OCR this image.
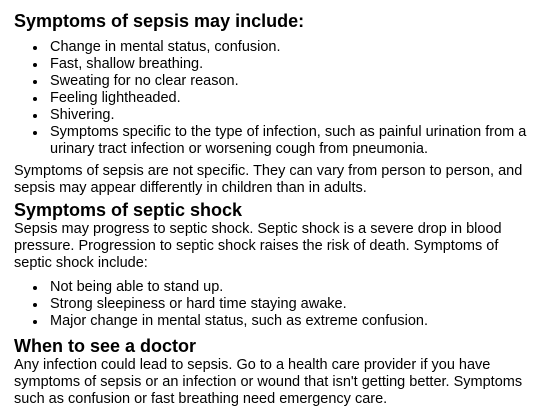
Symptoms of sepsis may include:
Change in mental status, confusion.
Fast, shallow breathing.
Sweating for no clear reason.
Feeling lightheaded.
Shivering.
Symptoms specific to the type of infection, such as painful urination from a urinary tract infection or worsening cough from pneumonia.

Symptoms of sepsis are not specific. They can vary from person to person, and sepsis may appear differently in children than in adults.

Symptoms of septic shock

Sepsis may progress to septic shock. Septic shock is a severe drop in blood pressure. Progression to septic shock raises the risk of death. Symptoms of septic shock include:

Not being able to stand up.
Strong sleepiness or hard time staying awake.
Major change in mental status, such as extreme confusion.
When to see a doctor

Any infection could lead to sepsis. Go to a health care provider if you have symptoms of sepsis or an infection or wound that isn't getting better. Symptoms such as confusion or fast breathing need emergency care.
